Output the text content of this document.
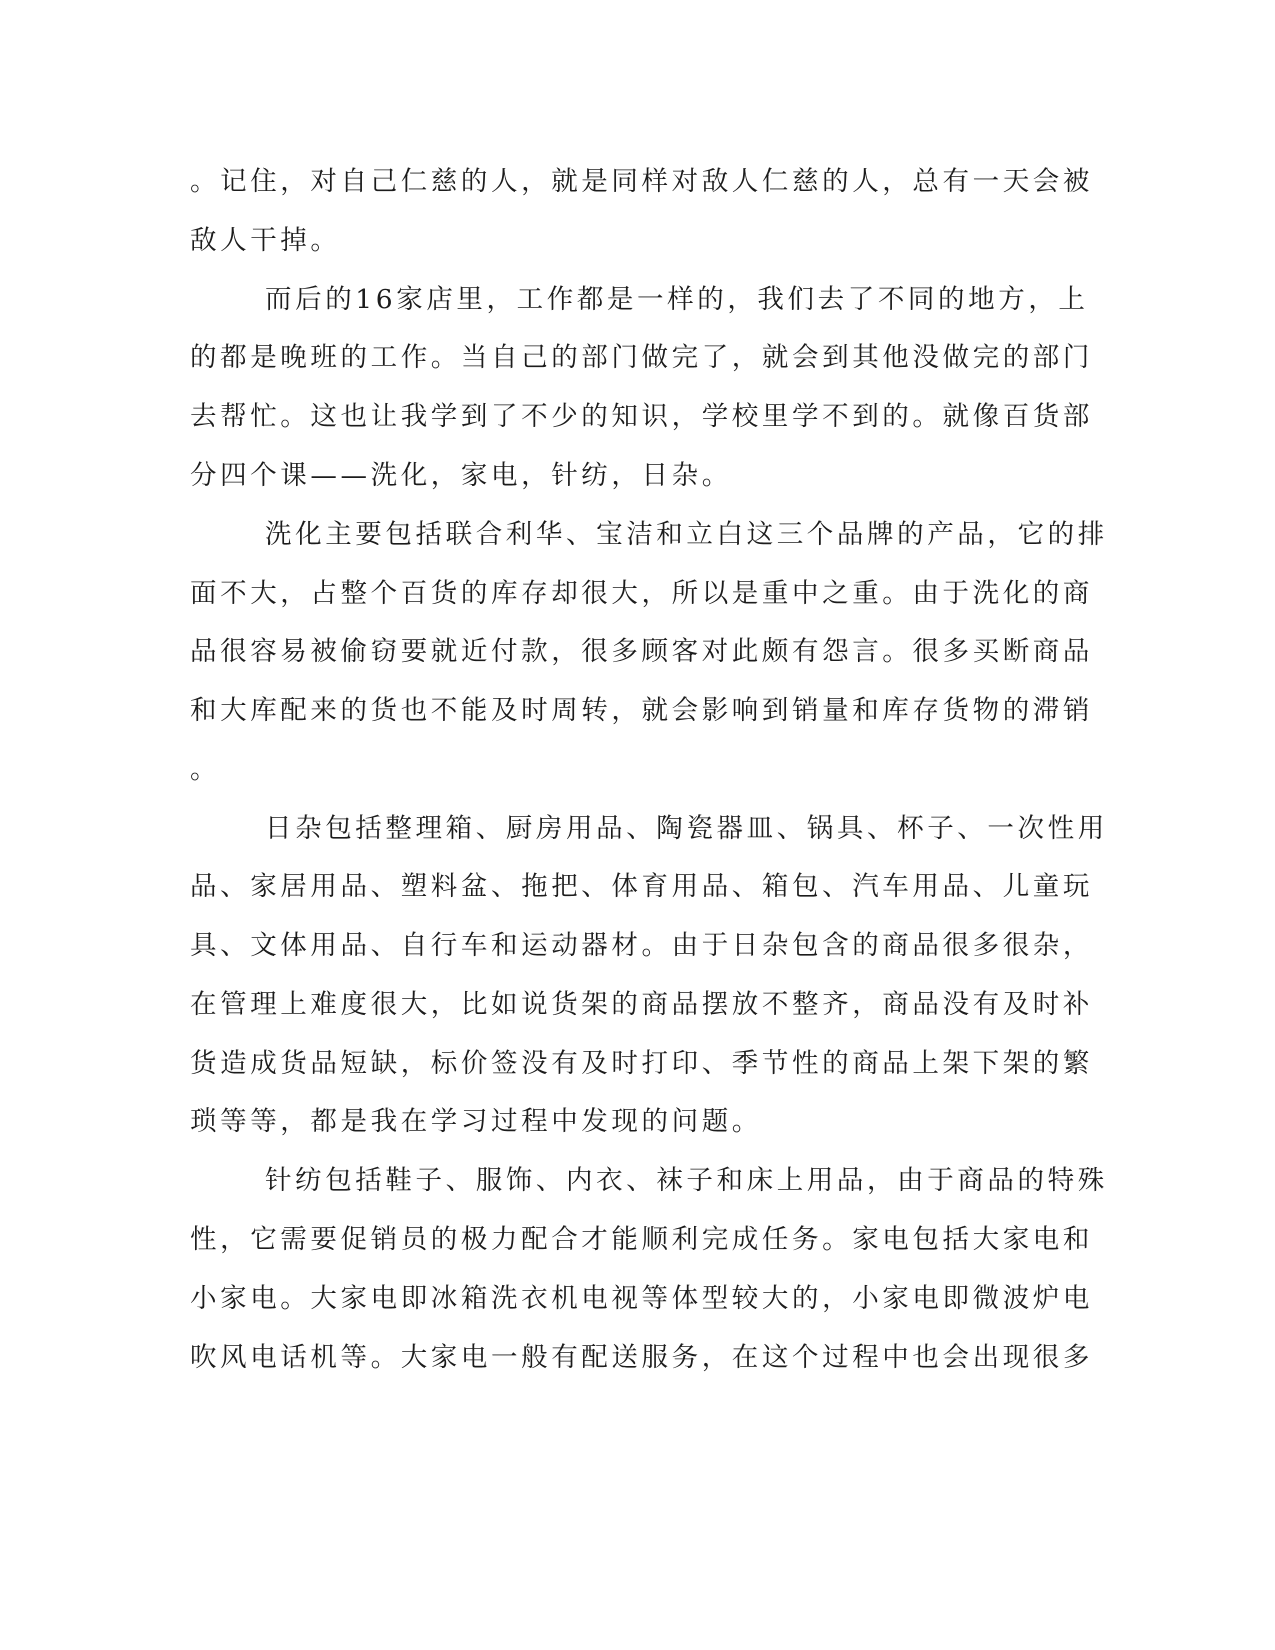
。记住，对自己仁慈的人，就是同样对敌人仁慈的人，总有一天会被
敌人干掉。
而后的16家店里，工作都是一样的，我们去了不同的地方，上
的都是晚班的工作。当自己的部门做完了，就会到其他没做完的部门
去帮忙。这也让我学到了不少的知识，学校里学不到的。就像百货部
分四个课——洗化，家电，针纺，日杂。
洗化主要包括联合利华、宝洁和立白这三个品牌的产品，它的排
面不大，占整个百货的库存却很大，所以是重中之重。由于洗化的商
品很容易被偷窃要就近付款，很多顾客对此颇有怨言。很多买断商品
和大库配来的货也不能及时周转，就会影响到销量和库存货物的滞销
。
日杂包括整理箱、厨房用品、陶瓷器皿、锅具、杯子、一次性用
品、家居用品、塑料盆、拖把、体育用品、箱包、汽车用品、儿童玩
具、文体用品、自行车和运动器材。由于日杂包含的商品很多很杂，
在管理上难度很大，比如说货架的商品摆放不整齐，商品没有及时补
货造成货品短缺，标价签没有及时打印、季节性的商品上架下架的繁
琐等等，都是我在学习过程中发现的问题。
针纺包括鞋子、服饰、内衣、袜子和床上用品，由于商品的特殊
性，它需要促销员的极力配合才能顺利完成任务。家电包括大家电和
小家电。大家电即冰箱洗衣机电视等体型较大的，小家电即微波炉电
吹风电话机等。大家电一般有配送服务，在这个过程中也会出现很多
